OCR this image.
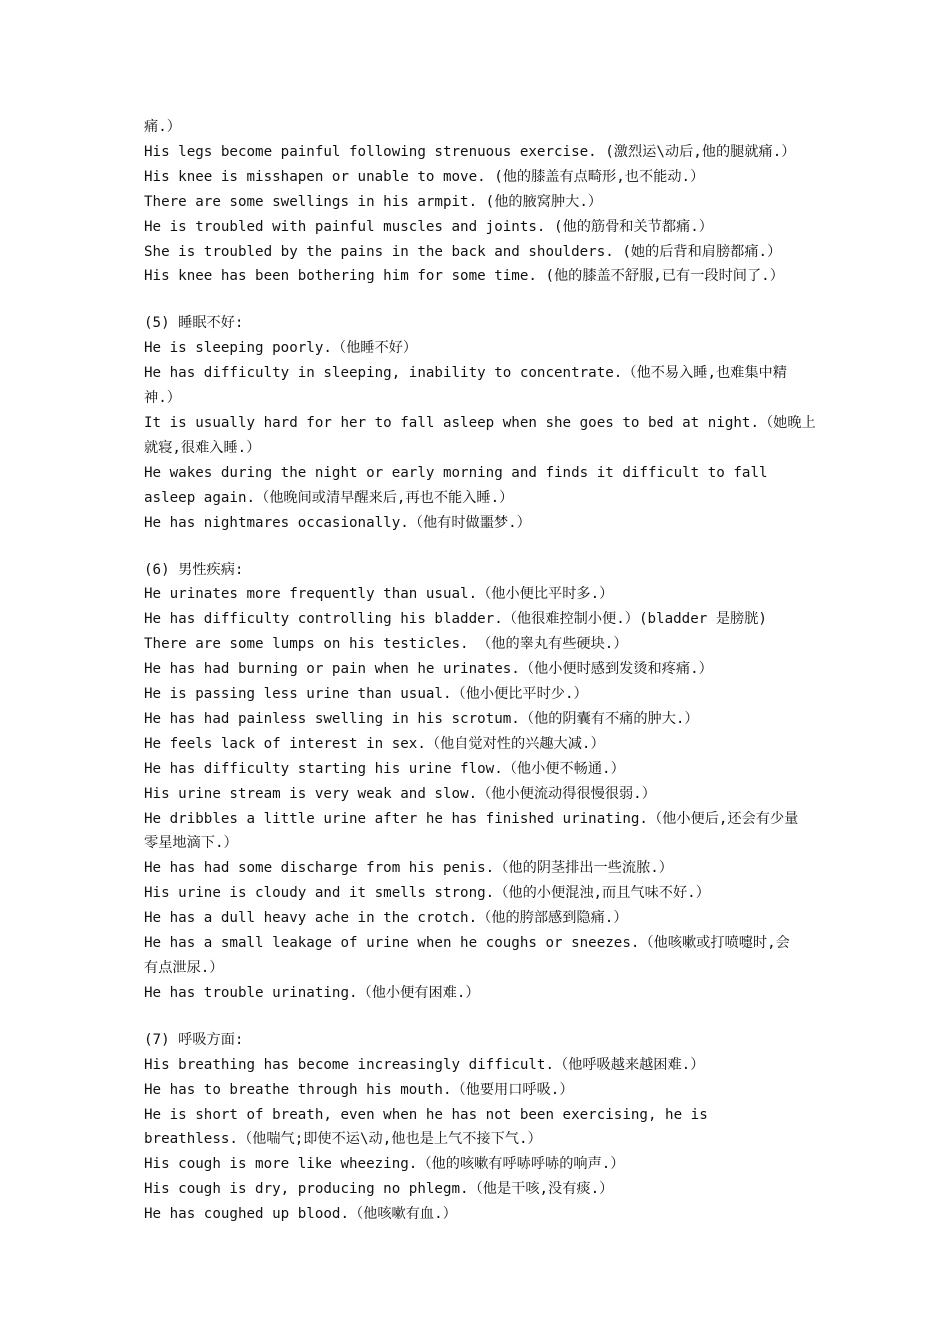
痛.）

His legs become painful following strenuous exercise. (激烈运\动后,他的腿就痛.）

His knee is misshapen or unable to move. (他的膝盖有点畸形,也不能动.）

There are some swellings in his armpit. (他的腋窝肿大.）

He is troubled with painful muscles and joints. (他的筋骨和关节都痛.）

She is troubled by the pains in the back and shoulders. (她的后背和肩膀都痛.）

His knee has been bothering him for some time. (他的膝盖不舒服,已有一段时间了.）

(5) 睡眠不好:

He is sleeping poorly.（他睡不好）

He has difficulty in sleeping, inability to concentrate.（他不易入睡,也难集中精

神.）

It is usually hard for her to fall asleep when she goes to bed at night.（她晚上

就寝,很难入睡.）

He wakes during the night or early morning and finds it difficult to fall

asleep again.（他晚间或清早醒来后,再也不能入睡.）

He has nightmares occasionally.（他有时做噩梦.）

(6) 男性疾病:

He urinates more frequently than usual.（他小便比平时多.）

He has difficulty controlling his bladder.（他很难控制小便.）(bladder 是膀胱)

There are some lumps on his testicles. （他的睾丸有些硬块.）

He has had burning or pain when he urinates.（他小便时感到发烫和疼痛.）

He is passing less urine than usual.（他小便比平时少.）

He has had painless swelling in his scrotum.（他的阴囊有不痛的肿大.）

He feels lack of interest in sex.（他自觉对性的兴趣大减.）

He has difficulty starting his urine flow.（他小便不畅通.）

His urine stream is very weak and slow.（他小便流动得很慢很弱.）

He dribbles a little urine after he has finished urinating.（他小便后,还会有少量

零星地滴下.）

He has had some discharge from his penis.（他的阴茎排出一些流脓.）

His urine is cloudy and it smells strong.（他的小便混浊,而且气味不好.）

He has a dull heavy ache in the crotch.（他的胯部感到隐痛.）

He has a small leakage of urine when he coughs or sneezes.（他咳嗽或打喷嚏时,会

有点泄尿.）

He has trouble urinating.（他小便有困难.）

(7) 呼吸方面:

His breathing has become increasingly difficult.（他呼吸越来越困难.）

He has to breathe through his mouth.（他要用口呼吸.）

He is short of breath, even when he has not been exercising, he is

breathless.（他喘气;即使不运\动,他也是上气不接下气.）

His cough is more like wheezing.（他的咳嗽有呼哧呼哧的响声.）

His cough is dry, producing no phlegm.（他是干咳,没有痰.）

He has coughed up blood.（他咳嗽有血.）
